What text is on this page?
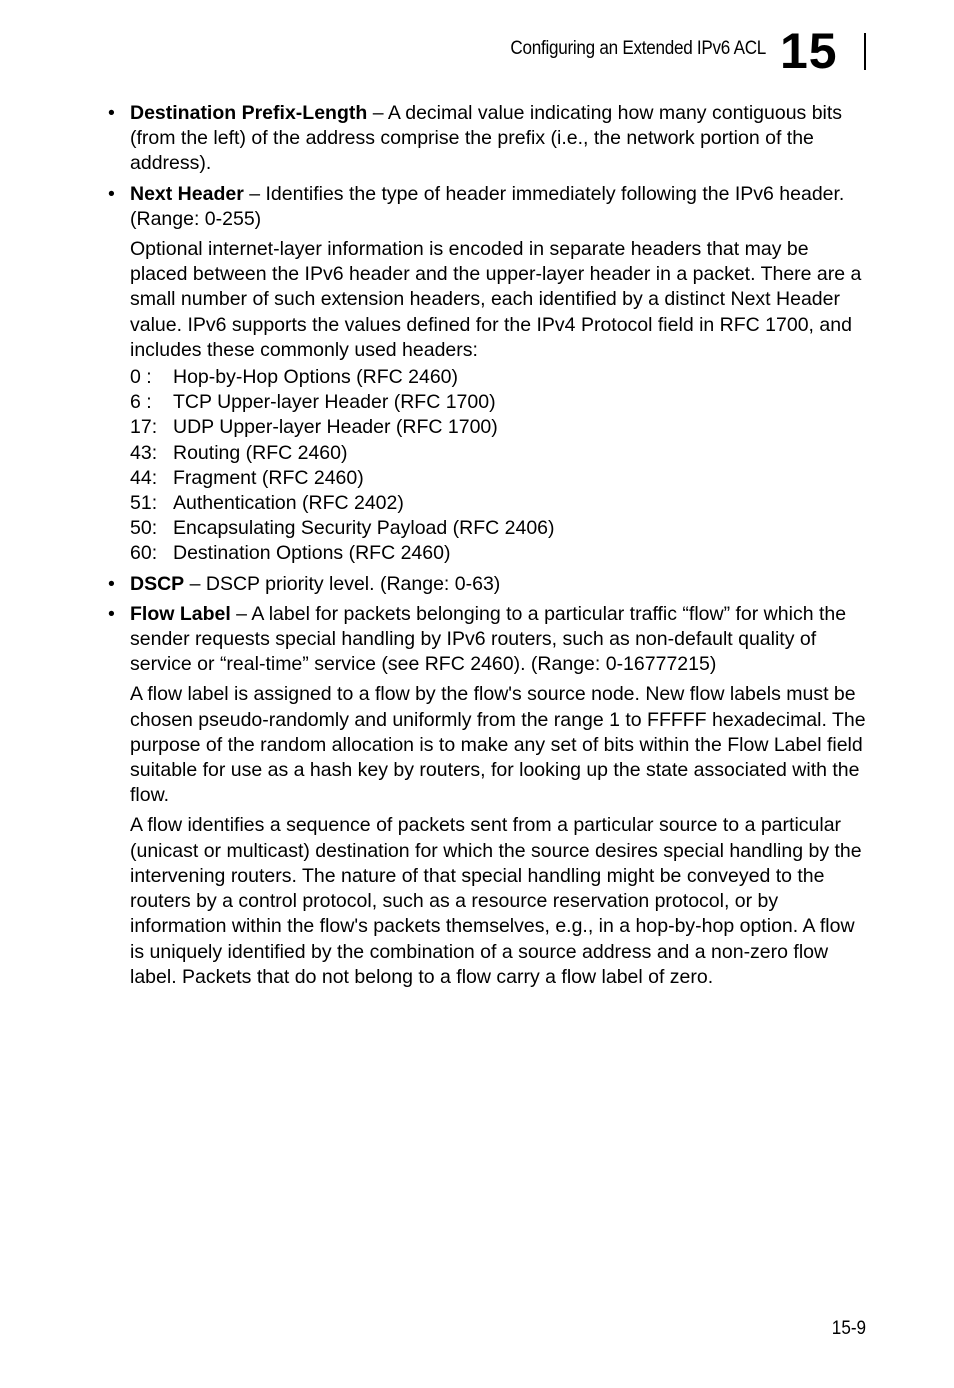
Configuring an Extended IPv6 ACL 15
• Destination Prefix-Length – A decimal value indicating how many contiguous bits (from the left) of the address comprise the prefix (i.e., the network portion of the address).
• Next Header – Identifies the type of header immediately following the IPv6 header. (Range: 0-255)
Optional internet-layer information is encoded in separate headers that may be placed between the IPv6 header and the upper-layer header in a packet. There are a small number of such extension headers, each identified by a distinct Next Header value. IPv6 supports the values defined for the IPv4 Protocol field in RFC 1700, and includes these commonly used headers:
0 :	Hop-by-Hop Options (RFC 2460)
6 :	TCP Upper-layer Header (RFC 1700)
17: UDP Upper-layer Header (RFC 1700)
43: Routing (RFC 2460)
44: Fragment (RFC 2460)
51: Authentication (RFC 2402)
50: Encapsulating Security Payload (RFC 2406)
60: Destination Options (RFC 2460)
• DSCP – DSCP priority level. (Range: 0-63)
• Flow Label – A label for packets belonging to a particular traffic “flow” for which the sender requests special handling by IPv6 routers, such as non-default quality of service or “real-time” service (see RFC 2460). (Range: 0-16777215)
A flow label is assigned to a flow by the flow's source node. New flow labels must be chosen pseudo-randomly and uniformly from the range 1 to FFFFF hexadecimal. The purpose of the random allocation is to make any set of bits within the Flow Label field suitable for use as a hash key by routers, for looking up the state associated with the flow.
A flow identifies a sequence of packets sent from a particular source to a particular (unicast or multicast) destination for which the source desires special handling by the intervening routers. The nature of that special handling might be conveyed to the routers by a control protocol, such as a resource reservation protocol, or by information within the flow's packets themselves, e.g., in a hop-by-hop option. A flow is uniquely identified by the combination of a source address and a non-zero flow label. Packets that do not belong to a flow carry a flow label of zero.
15-9
